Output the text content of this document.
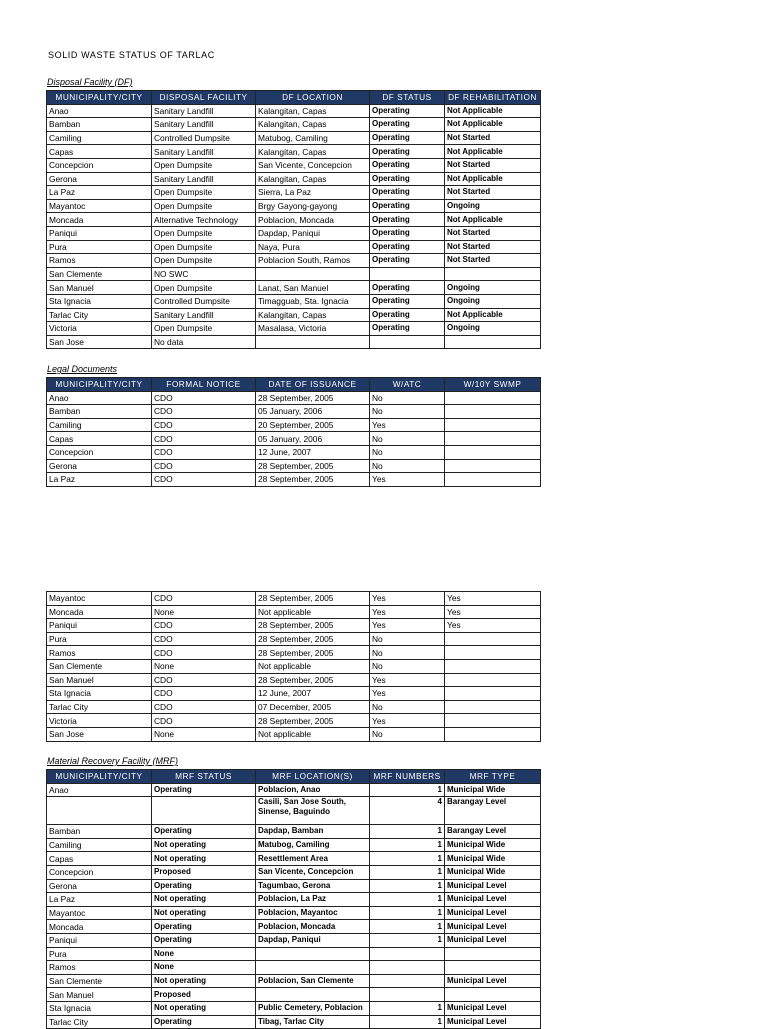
SOLID WASTE STATUS OF TARLAC
Disposal Facility (DF)
MUNICIPALITY/CITY	DISPOSAL FACILITY	DF LOCATION	DF STATUS	DF REHABILITATION
Anao	Sanitary Landfill	Kalangitan, Capas	Operating	Not Applicable
Bamban	Sanitary Landfill	Kalangitan, Capas	Operating	Not Applicable
Camiling	Controlled Dumpsite	Matubog, Camiling	Operating	Not Started
Capas	Sanitary Landfill	Kalangitan, Capas	Operating	Not Applicable
Concepcion	Open Dumpsite	San Vicente, Concepcion	Operating	Not Started
Gerona	Sanitary Landfill	Kalangitan, Capas	Operating	Not Applicable
La Paz	Open Dumpsite	Sierra, La Paz	Operating	Not Started
Mayantoc	Open Dumpsite	Brgy Gayong-gayong	Operating	Ongoing
Moncada	Alternative Technology	Poblacion, Moncada	Operating	Not Applicable
Paniqui	Open Dumpsite	Dapdap, Paniqui	Operating	Not Started
Pura	Open Dumpsite	Naya, Pura	Operating	Not Started
Ramos	Open Dumpsite	Poblacion South, Ramos	Operating	Not Started
San Clemente	NO SWC			
San Manuel	Open Dumpsite	Lanat, San Manuel	Operating	Ongoing
Sta Ignacia	Controlled Dumpsite	Timagguab, Sta. Ignacia	Operating	Ongoing
Tarlac City	Sanitary Landfill	Kalangitan, Capas	Operating	Not Applicable
Victoria	Open Dumpsite	Masalasa, Victoria	Operating	Ongoing
San Jose	No data			
Legal Documents
MUNICIPALITY/CITY	FORMAL NOTICE	DATE OF ISSUANCE	W/ATC	W/10Y SWMP
Anao	CDO	28 September, 2005	No	
Bamban	CDO	05 January, 2006	No	
Camiling	CDO	20 September, 2005	Yes	
Capas	CDO	05 January, 2006	No	
Concepcion	CDO	12 June, 2007	No	
Gerona	CDO	28 September, 2005	No	
La Paz	CDO	28 September, 2005	Yes	
Mayantoc	CDO	28 September, 2005	Yes	Yes
Moncada	None	Not applicable	Yes	Yes
Paniqui	CDO	28 September, 2005	Yes	Yes
Pura	CDO	28 September, 2005	No	
Ramos	CDO	28 September, 2005	No	
San Clemente	None	Not applicable	No	
San Manuel	CDO	28 September, 2005	Yes	
Sta Ignacia	CDO	12 June, 2007	Yes	
Tarlac City	CDO	07 December, 2005	No	
Victoria	CDO	28 September, 2005	Yes	
San Jose	None	Not applicable	No	
Material Recovery Facility (MRF)
MUNICIPALITY/CITY	MRF STATUS	MRF LOCATION(S)	MRF NUMBERS	MRF TYPE
Anao	Operating	Poblacion, Anao	1	Municipal Wide
		Casili, San Jose South, Sinense, Baguindo	4	Barangay Level
Bamban	Operating	Dapdap, Bamban	1	Barangay Level
Camiling	Not operating	Matubog, Camiling	1	Municipal Wide
Capas	Not operating	Resettlement Area	1	Municipal Wide
Concepcion	Proposed	San Vicente, Concepcion	1	Municipal Wide
Gerona	Operating	Tagumbao, Gerona	1	Municipal Level
La Paz	Not operating	Poblacion, La Paz	1	Municipal Level
Mayantoc	Not operating	Poblacion, Mayantoc	1	Municipal Level
Moncada	Operating	Poblacion, Moncada	1	Municipal Level
Paniqui	Operating	Dapdap, Paniqui	1	Municipal Level
Pura	None			
Ramos	None			
San Clemente	Not operating	Poblacion, San Clemente		Municipal Level
San Manuel	Proposed			
Sta Ignacia	Not operating	Public Cemetery, Poblacion	1	Municipal Level
Tarlac City	Operating	Tibag, Tarlac City	1	Municipal Level
